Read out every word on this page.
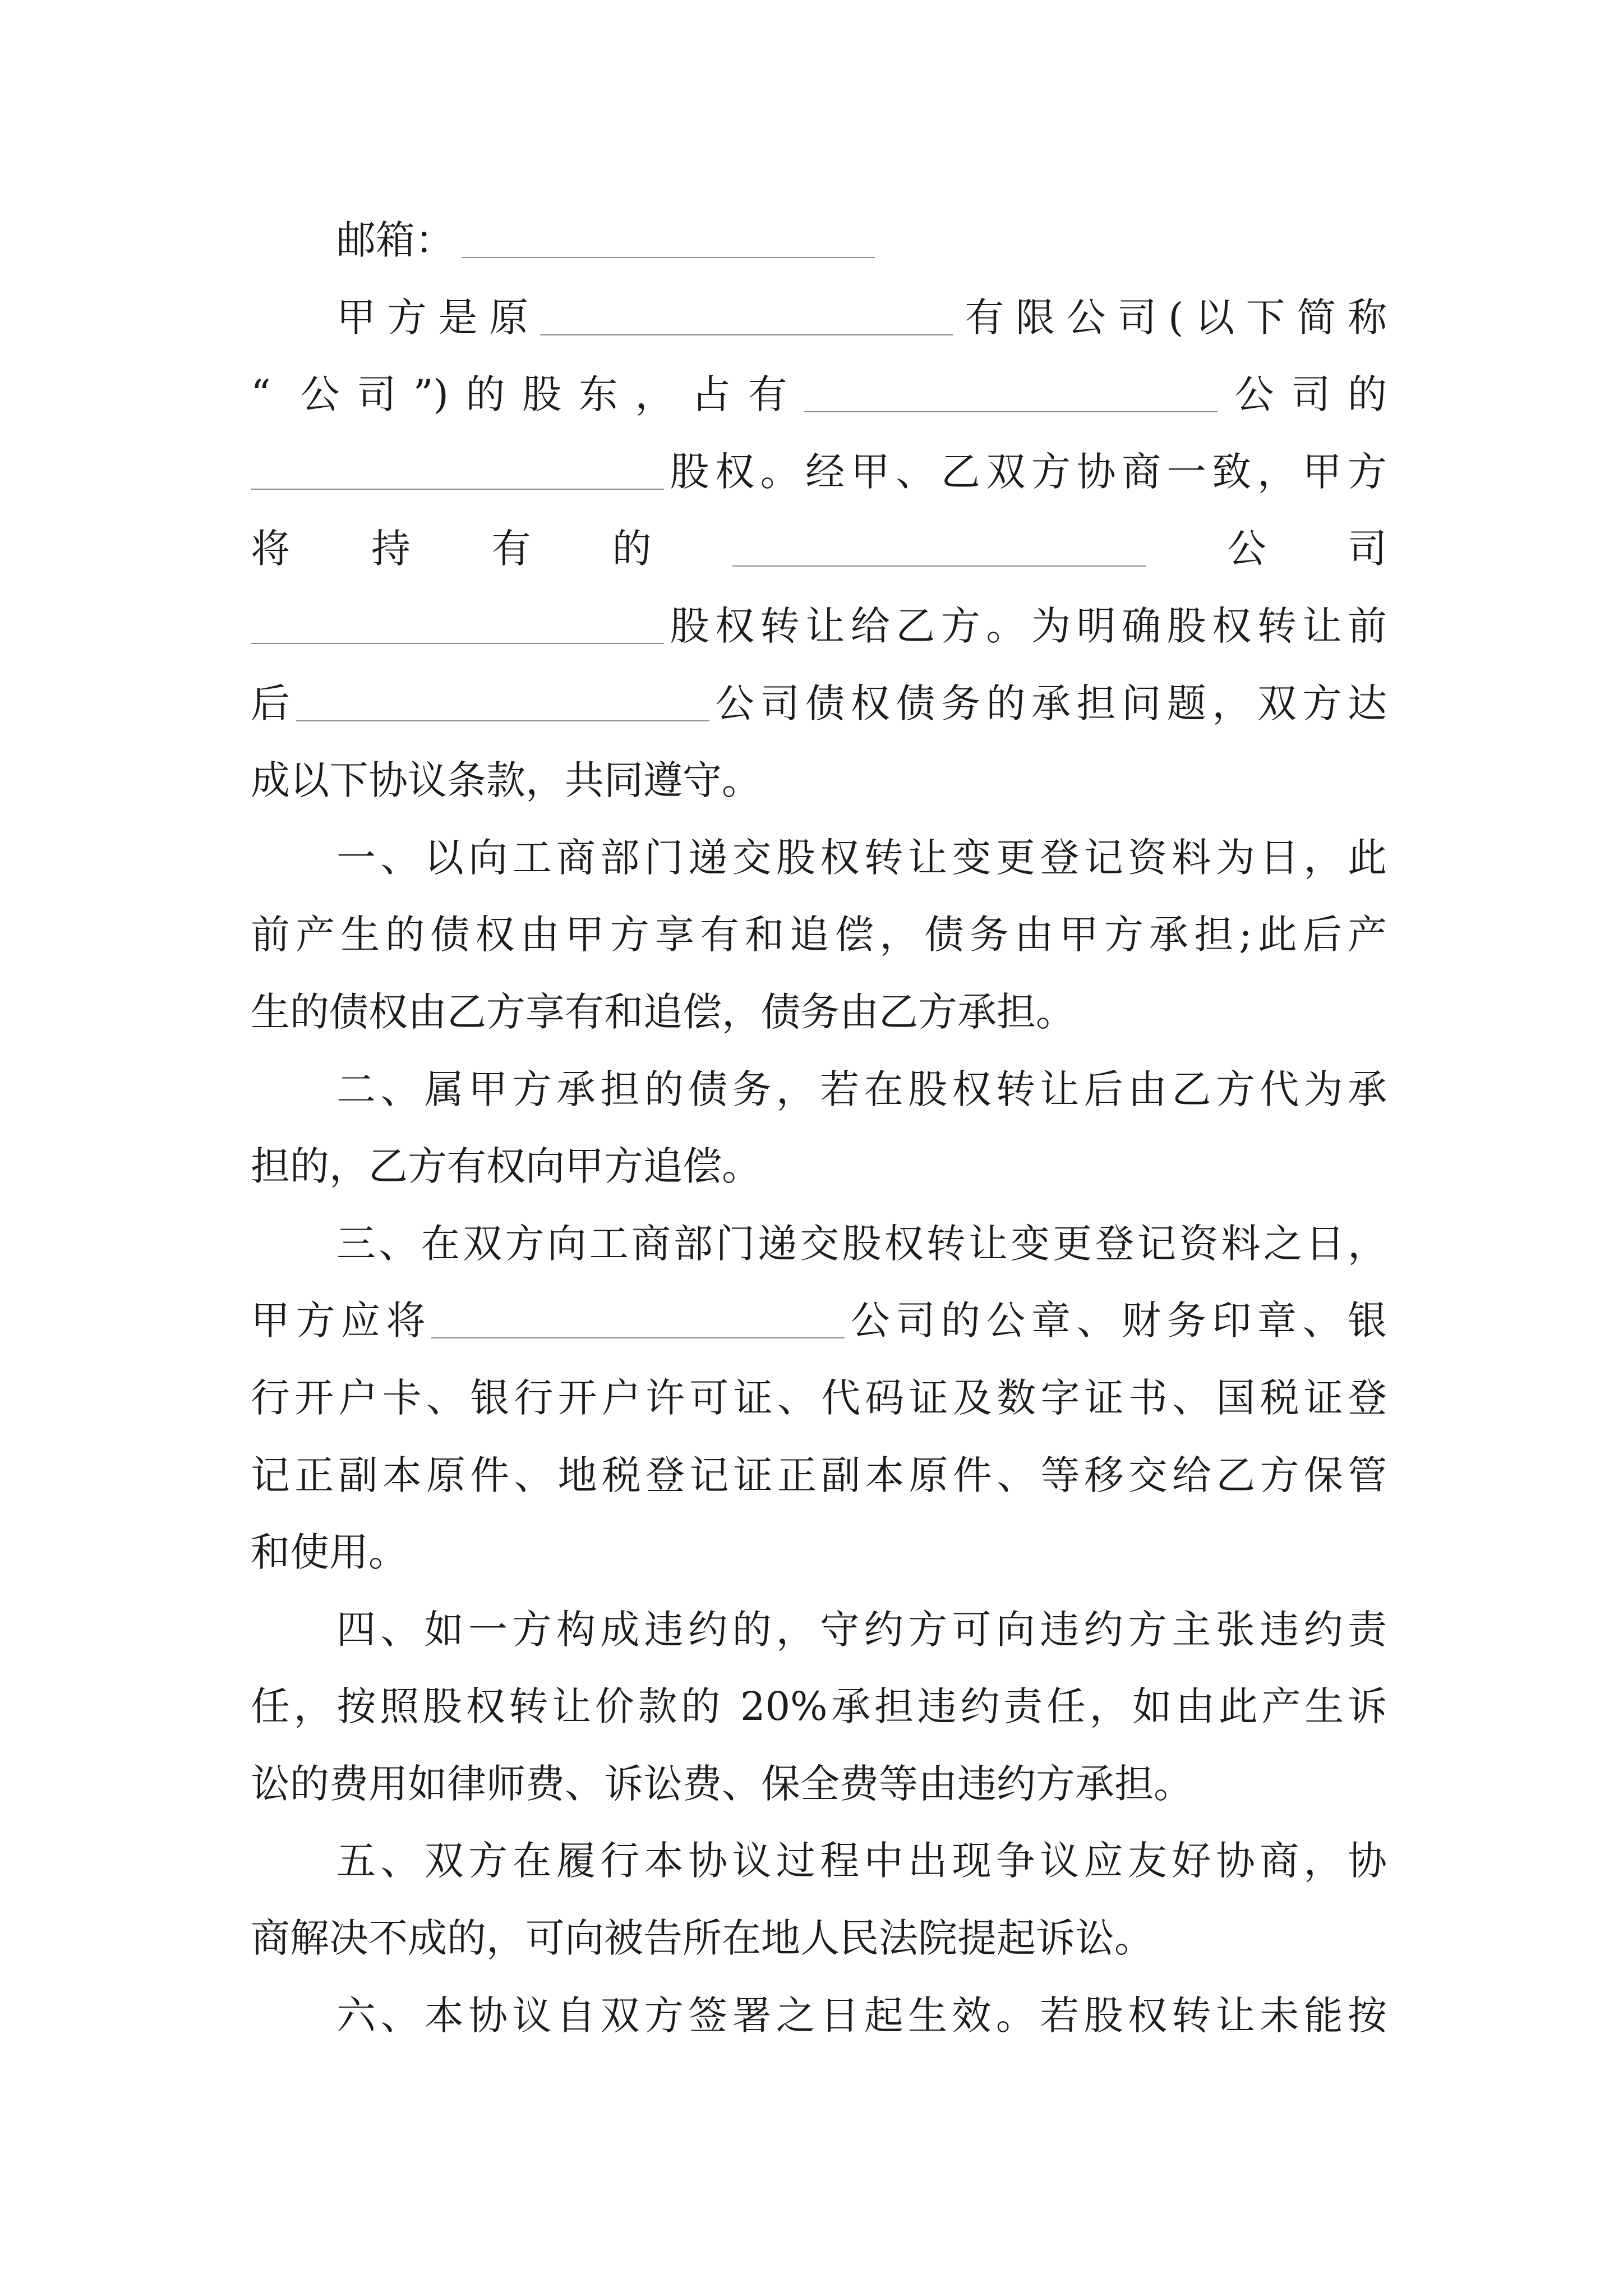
邮箱：
甲方是原	有限公司(以下简称
“ 公司”)的股东，占有	公司的
股权。经甲、乙双方协商一致，甲方
将持有的	公司
股权转让给乙方。为明确股权转让前
后	公司债权债务的承担问题，双方达
成以下协议条款，共同遵守。
一、以向工商部门递交股权转让变更登记资料为日，此
前产生的债权由甲方享有和追偿，债务由甲方承担;此后产
生的债权由乙方享有和追偿，债务由乙方承担。
二、属甲方承担的债务，若在股权转让后由乙方代为承
担的，乙方有权向甲方追偿。
三、在双方向工商部门递交股权转让变更登记资料之日，
甲方应将	公司的公章、财务印章、银
行开户卡、银行开户许可证、代码证及数字证书、国税证登
记正副本原件、地税登记证正副本原件、等移交给乙方保管
和使用。
四、如一方构成违约的，守约方可向违约方主张违约责
任，按照股权转让价款的 20%承担违约责任，如由此产生诉
讼的费用如律师费、诉讼费、保全费等由违约方承担。
五、双方在履行本协议过程中出现争议应友好协商，协
商解决不成的，可向被告所在地人民法院提起诉讼。
六、本协议自双方签署之日起生效。若股权转让未能按
